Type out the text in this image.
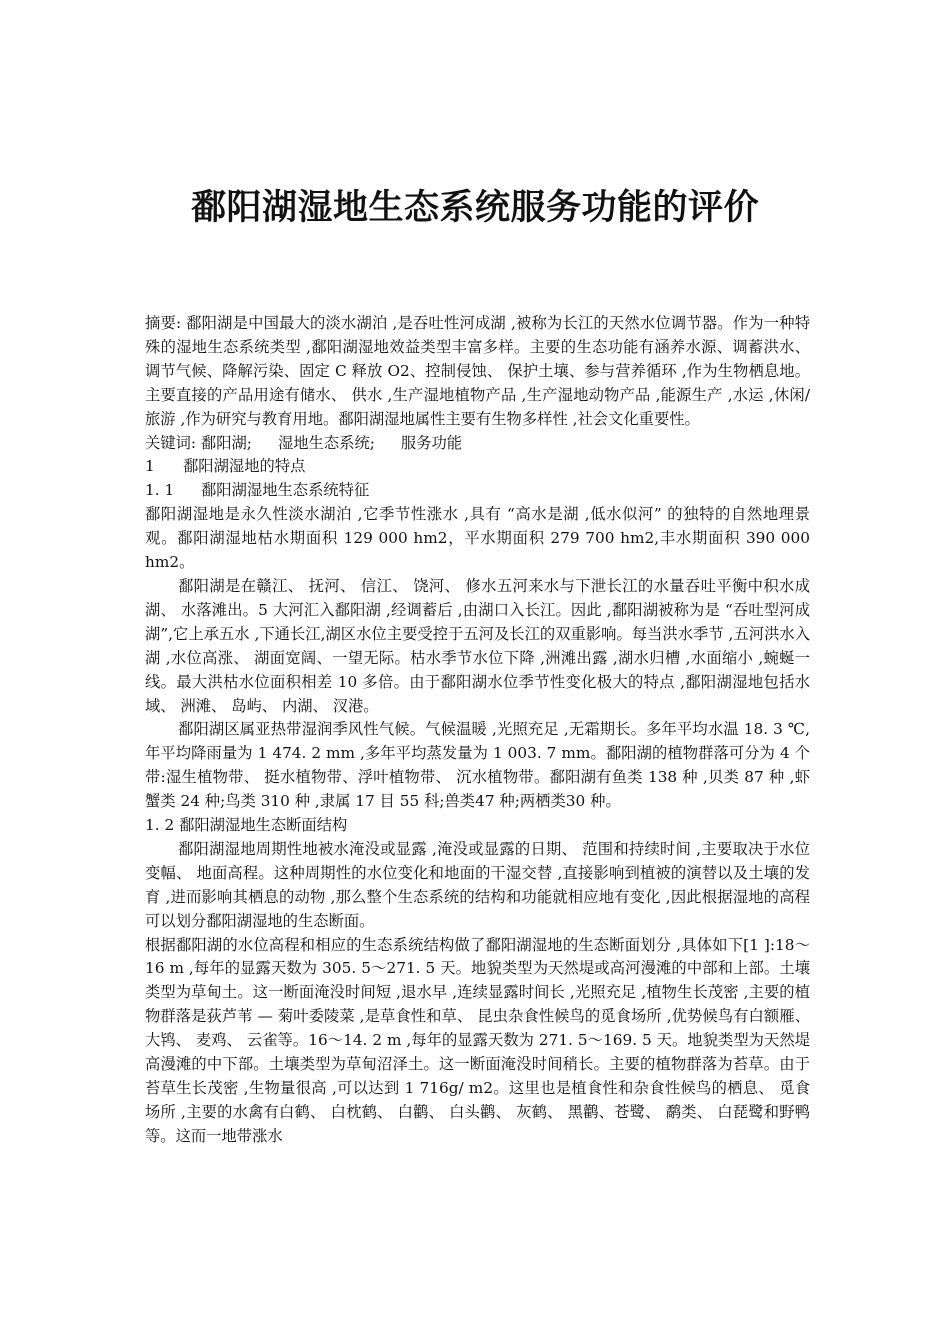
鄱阳湖湿地生态系统服务功能的评价

摘要: 鄱阳湖是中国最大的淡水湖泊 ,是吞吐性河成湖 ,被称为长江的天然水位调节器。作为一种特殊的湿地生态系统类型 ,鄱阳湖湿地效益类型丰富多样。主要的生态功能有涵养水源、调蓄洪水、调节气候、降解污染、固定 C 释放 O2、控制侵蚀、 保护土壤、参与营养循环 ,作为生物栖息地。主要直接的产品用途有储水、 供水 ,生产湿地植物产品 ,生产湿地动物产品 ,能源生产 ,水运 ,休闲/旅游 ,作为研究与教育用地。鄱阳湖湿地属性主要有生物多样性 ,社会文化重要性。

关键词: 鄱阳湖; 湿地生态系统; 服务功能

1 鄱阳湖湿地的特点

1. 1 鄱阳湖湿地生态系统特征

鄱阳湖湿地是永久性淡水湖泊 ,它季节性涨水 ,具有 “高水是湖 ,低水似河” 的独特的自然地理景观。鄱阳湖湿地枯水期面积 129 000 hm2，平水期面积 279 700 hm2,丰水期面积 390 000 hm2。

鄱阳湖是在赣江、 抚河、 信江、 饶河、 修水五河来水与下泄长江的水量吞吐平衡中积水成湖、 水落滩出。5 大河汇入鄱阳湖 ,经调蓄后 ,由湖口入长江。因此 ,鄱阳湖被称为是 “吞吐型河成湖”,它上承五水 ,下通长江,湖区水位主要受控于五河及长江的双重影响。每当洪水季节 ,五河洪水入湖 ,水位高涨、 湖面宽阔、一望无际。枯水季节水位下降 ,洲滩出露 ,湖水归槽 ,水面缩小 ,蜿蜒一线。最大洪枯水位面积相差 10 多倍。由于鄱阳湖水位季节性变化极大的特点 ,鄱阳湖湿地包括水域、 洲滩、 岛屿、 内湖、 汊港。

鄱阳湖区属亚热带湿润季风性气候。气候温暖 ,光照充足 ,无霜期长。多年平均水温 18. 3 ℃,年平均降雨量为 1 474. 2 mm ,多年平均蒸发量为 1 003. 7 mm。鄱阳湖的植物群落可分为 4 个带:湿生植物带、 挺水植物带、浮叶植物带、 沉水植物带。鄱阳湖有鱼类 138 种 ,贝类 87 种 ,虾蟹类 24 种;鸟类 310 种 ,隶属 17 目 55 科;兽类47 种;两栖类30 种。

1. 2 鄱阳湖湿地生态断面结构

鄱阳湖湿地周期性地被水淹没或显露 ,淹没或显露的日期、 范围和持续时间 ,主要取决于水位变幅、 地面高程。这种周期性的水位变化和地面的干湿交替 ,直接影响到植被的演替以及土壤的发育 ,进而影响其栖息的动物 ,那么整个生态系统的结构和功能就相应地有变化 ,因此根据湿地的高程可以划分鄱阳湖湿地的生态断面。

根据鄱阳湖的水位高程和相应的生态系统结构做了鄱阳湖湿地的生态断面划分 ,具体如下[1 ]:18～16 m ,每年的显露天数为 305. 5～271. 5 天。地貌类型为天然堤或高河漫滩的中部和上部。土壤类型为草甸土。这一断面淹没时间短 ,退水早 ,连续显露时间长 ,光照充足 ,植物生长茂密 ,主要的植物群落是荻芦苇 — 菊叶委陵菜 ,是草食性和草、 昆虫杂食性候鸟的觅食场所 ,优势候鸟有白额雁、 大鸨、 麦鸡、 云雀等。16～14. 2 m ,每年的显露天数为 271. 5～169. 5 天。地貌类型为天然堤高漫滩的中下部。土壤类型为草甸沼泽土。这一断面淹没时间稍长。主要的植物群落为苔草。由于苔草生长茂密 ,生物量很高 ,可以达到 1 716g/ m2。这里也是植食性和杂食性候鸟的栖息、 觅食场所 ,主要的水禽有白鹤、 白枕鹤、 白鹳、 白头鹳、 灰鹤、 黑鹳、苍鹭、 鹬类、 白琵鹭和野鸭等。这而一地带涨水
